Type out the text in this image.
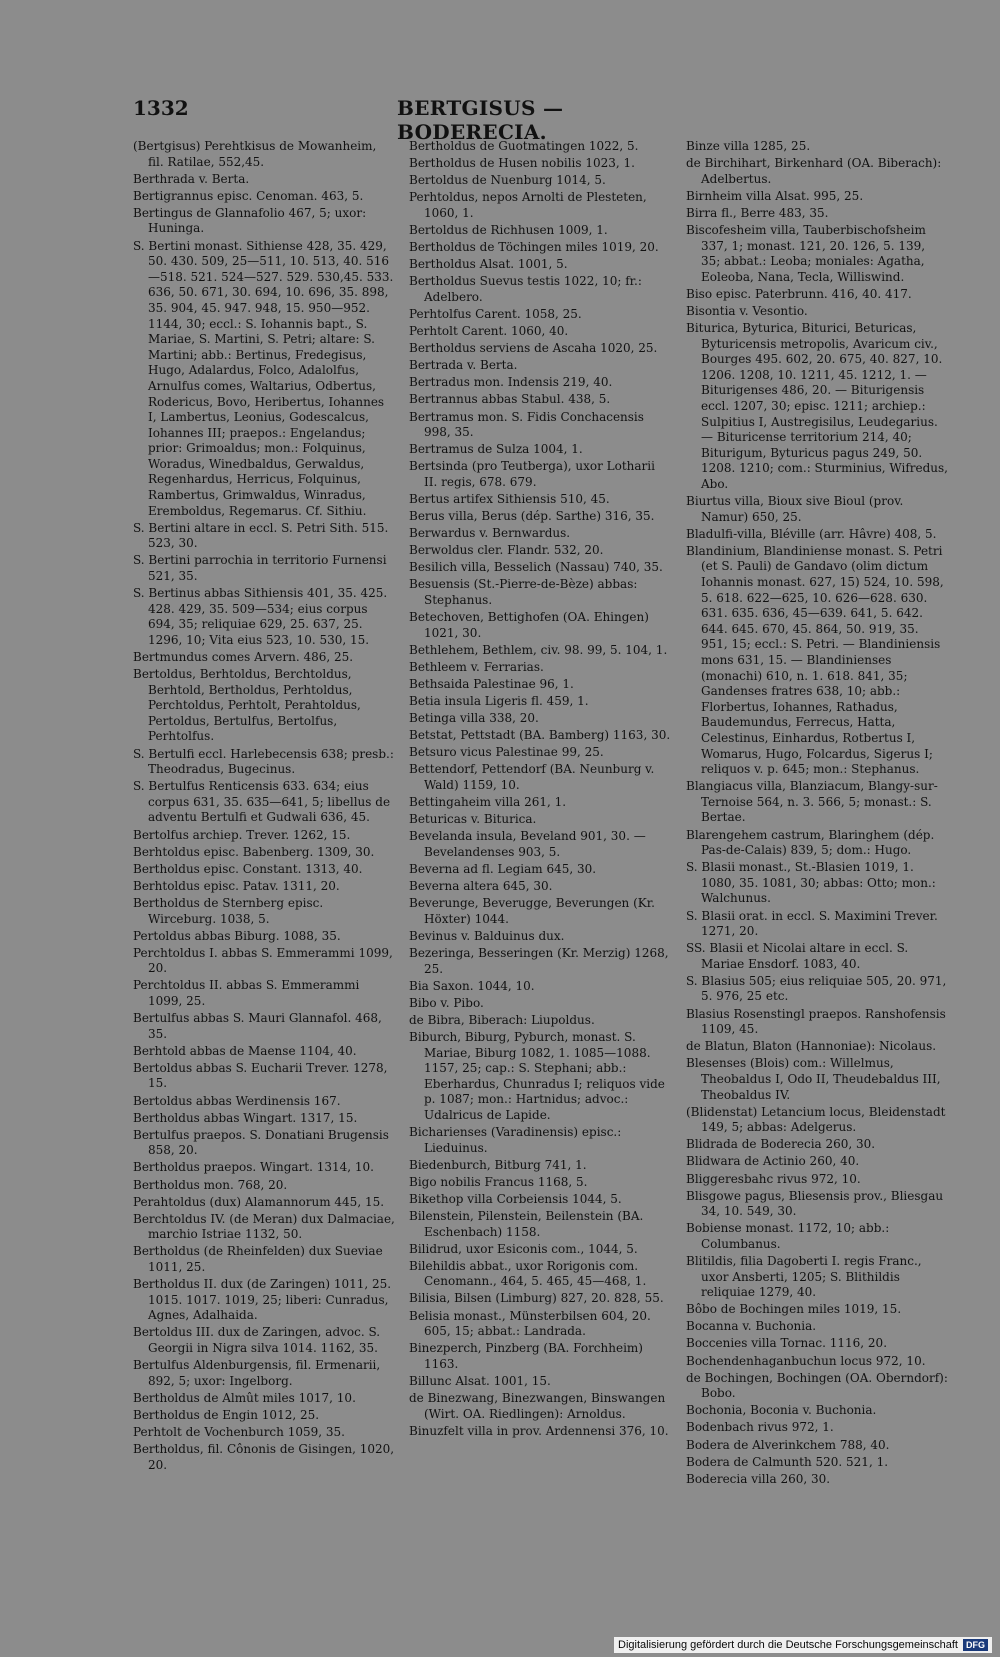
1332	BERTGISUS — BODERECIA.

(Bertgisus) Perehtkisus de Mowanheim, fil. Ratilae, 552,45.

Berthrada v. Berta.

Bertigrannus episc. Cenoman. 463, 5.

Bertingus de Glannafolio 467, 5; uxor: Huninga.

S. Bertini monast. Sithiense 428, 35. 429, 50. 430. 509, 25—511, 10. 513, 40. 516—518. 521. 524—527. 529. 530,45. 533. 636, 50. 671, 30. 694, 10. 696, 35. 898, 35. 904, 45. 947. 948, 15. 950—952. 1144, 30; eccl.: S. Iohannis bapt., S. Mariae, S. Martini, S. Petri; altare: S. Martini; abb.: Bertinus, Fredegisus, Hugo, Adalardus, Folco, Adalolfus, Arnulfus comes, Waltarius, Odbertus, Rodericus, Bovo, Heribertus, Iohannes I, Lambertus, Leonius, Godescalcus, Iohannes III; praepos.: Engelandus; prior: Grimoaldus; mon.: Folquinus, Woradus, Winedbaldus, Gerwaldus, Regenhardus, Herricus, Folquinus, Rambertus, Grimwaldus, Winradus, Eremboldus, Regemarus. Cf. Sithiu.

S. Bertini altare in eccl. S. Petri Sith. 515. 523, 30.

S. Bertini parrochia in territorio Furnensi 521, 35.

S. Bertinus abbas Sithiensis 401, 35. 425. 428. 429, 35. 509—534; eius corpus 694, 35; reliquiae 629, 25. 637, 25. 1296, 10; Vita eius 523, 10. 530, 15.

Bertmundus comes Arvern. 486, 25.

Bertoldus, Berhtoldus, Berchtoldus, Berhtold, Bertholdus, Perhtoldus, Perchtoldus, Perhtolt, Perahtoldus, Pertoldus, Bertulfus, Bertolfus, Perhtolfus.

S. Bertulfi eccl. Harlebecensis 638; presb.: Theodradus, Bugecinus.

S. Bertulfus Renticensis 633. 634; eius corpus 631, 35. 635—641, 5; libellus de adventu Bertulfi et Gudwali 636, 45.

Bertolfus archiep. Trever. 1262, 15.

Berhtoldus episc. Babenberg. 1309, 30.

Bertholdus episc. Constant. 1313, 40.

Berhtoldus episc. Patav. 1311, 20.

Bertholdus de Sternberg episc. Wirceburg. 1038, 5.

Pertoldus abbas Biburg. 1088, 35.

Perchtoldus I. abbas S. Emmerammi 1099, 20.

Perchtoldus II. abbas S. Emmerammi 1099, 25.

Bertulfus abbas S. Mauri Glannafol. 468, 35.

Berhtold abbas de Maense 1104, 40.

Bertoldus abbas S. Eucharii Trever. 1278, 15.

Bertoldus abbas Werdinensis 167.

Bertholdus abbas Wingart. 1317, 15.

Bertulfus praepos. S. Donatiani Brugensis 858, 20.

Bertholdus praepos. Wingart. 1314, 10.

Bertholdus mon. 768, 20.

Perahtoldus (dux) Alamannorum 445, 15.

Berchtoldus IV. (de Meran) dux Dalmaciae, marchio Istriae 1132, 50.

Bertholdus (de Rheinfelden) dux Sueviae 1011, 25.

Bertholdus II. dux (de Zaringen) 1011, 25. 1015. 1017. 1019, 25; liberi: Cunradus, Agnes, Adalhaida.

Bertoldus III. dux de Zaringen, advoc. S. Georgii in Nigra silva 1014. 1162, 35.

Bertulfus Aldenburgensis, fil. Ermenarii, 892, 5; uxor: Ingelborg.

Bertholdus de Almût miles 1017, 10.

Bertholdus de Engin 1012, 25.

Perhtolt de Vochenburch 1059, 35.

Bertholdus, fil. Cônonis de Gisingen, 1020, 20.

Bertholdus de Guotmatingen 1022, 5.

Bertholdus de Husen nobilis 1023, 1.

Bertoldus de Nuenburg 1014, 5.

Perhtoldus, nepos Arnolti de Plesteten, 1060, 1.

Bertoldus de Richhusen 1009, 1.

Bertholdus de Töchingen miles 1019, 20.

Bertholdus Alsat. 1001, 5.

Bertholdus Suevus testis 1022, 10; fr.: Adelbero.

Perhtolfus Carent. 1058, 25.

Perhtolt Carent. 1060, 40.

Bertholdus serviens de Ascaha 1020, 25.

Bertrada v. Berta.

Bertradus mon. Indensis 219, 40.

Bertrannus abbas Stabul. 438, 5.

Bertramus mon. S. Fidis Conchacensis 998, 35.

Bertramus de Sulza 1004, 1.

Bertsinda (pro Teutberga), uxor Lotharii II. regis, 678. 679.

Bertus artifex Sithiensis 510, 45.

Berus villa, Berus (dép. Sarthe) 316, 35.

Berwardus v. Bernwardus.

Berwoldus cler. Flandr. 532, 20.

Besilich villa, Besselich (Nassau) 740, 35.

Besuensis (St.-Pierre-de-Bèze) abbas: Stephanus.

Betechoven, Bettighofen (OA. Ehingen) 1021, 30.

Bethlehem, Bethlem, civ. 98. 99, 5. 104, 1.

Bethleem v. Ferrarias.

Bethsaida Palestinae 96, 1.

Betia insula Ligeris fl. 459, 1.

Betinga villa 338, 20.

Betstat, Pettstadt (BA. Bamberg) 1163, 30.

Betsuro vicus Palestinae 99, 25.

Bettendorf, Pettendorf (BA. Neunburg v. Wald) 1159, 10.

Bettingaheim villa 261, 1.

Beturicas v. Biturica.

Bevelanda insula, Beveland 901, 30. — Bevelandenses 903, 5.

Beverna ad fl. Legiam 645, 30.

Beverna altera 645, 30.

Beverunge, Beverugge, Beverungen (Kr. Höxter) 1044.

Bevinus v. Balduinus dux.

Bezeringa, Besseringen (Kr. Merzig) 1268, 25.

Bia Saxon. 1044, 10.

Bibo v. Pibo.

de Bibra, Biberach: Liupoldus.

Biburch, Biburg, Pyburch, monast. S. Mariae, Biburg 1082, 1. 1085—1088. 1157, 25; cap.: S. Stephani; abb.: Eberhardus, Chunradus I; reliquos vide p. 1087; mon.: Hartnidus; advoc.: Udalricus de Lapide.

Bicharienses (Varadinensis) episc.: Lieduinus.

Biedenburch, Bitburg 741, 1.

Bigo nobilis Francus 1168, 5.

Bikethop villa Corbeiensis 1044, 5.

Bilenstein, Pilenstein, Beilenstein (BA. Eschenbach) 1158.

Bilidrud, uxor Esiconis com., 1044, 5.

Bilehildis abbat., uxor Rorigonis com. Cenomann., 464, 5. 465, 45—468, 1.

Bilisia, Bilsen (Limburg) 827, 20. 828, 55.

Belisia monast., Münsterbilsen 604, 20. 605, 15; abbat.: Landrada.

Binezperch, Pinzberg (BA. Forchheim) 1163.

Billunc Alsat. 1001, 15.

de Binezwang, Binezwangen, Binswangen (Wirt. OA. Riedlingen): Arnoldus.

Binuzfelt villa in prov. Ardennensi 376, 10.

Binze villa 1285, 25.

de Birchihart, Birkenhard (OA. Biberach): Adelbertus.

Birnheim villa Alsat. 995, 25.

Birra fl., Berre 483, 35.

Biscofesheim villa, Tauberbischofsheim 337, 1; monast. 121, 20. 126, 5. 139, 35; abbat.: Leoba; moniales: Agatha, Eoleoba, Nana, Tecla, Williswind.

Biso episc. Paterbrunn. 416, 40. 417.

Bisontia v. Vesontio.

Biturica, Byturica, Biturici, Beturicas, Byturicensis metropolis, Avaricum civ., Bourges 495. 602, 20. 675, 40. 827, 10. 1206. 1208, 10. 1211, 45. 1212, 1. — Biturigenses 486, 20. — Biturigensis eccl. 1207, 30; episc. 1211; archiep.: Sulpitius I, Austregisilus, Leudegarius. — Bituricense territorium 214, 40; Biturigum, Byturicus pagus 249, 50. 1208. 1210; com.: Sturminius, Wifredus, Abo.

Biurtus villa, Bioux sive Bioul (prov. Namur) 650, 25.

Bladulfi-villa, Bléville (arr. Hâvre) 408, 5.

Blandinium, Blandiniense monast. S. Petri (et S. Pauli) de Gandavo (olim dictum Iohannis monast. 627, 15) 524, 10. 598, 5. 618. 622—625, 10. 626—628. 630. 631. 635. 636, 45—639. 641, 5. 642. 644. 645. 670, 45. 864, 50. 919, 35. 951, 15; eccl.: S. Petri. — Blandiniensis mons 631, 15. — Blandinienses (monachi) 610, n. 1. 618. 841, 35; Gandenses fratres 638, 10; abb.: Florbertus, Iohannes, Rathadus, Baudemundus, Ferrecus, Hatta, Celestinus, Einhardus, Rotbertus I, Womarus, Hugo, Folcardus, Sigerus I; reliquos v. p. 645; mon.: Stephanus.

Blangiacus villa, Blanziacum, Blangy-sur-Ternoise 564, n. 3. 566, 5; monast.: S. Bertae.

Blarengehem castrum, Blaringhem (dép. Pas-de-Calais) 839, 5; dom.: Hugo.

S. Blasii monast., St.-Blasien 1019, 1. 1080, 35. 1081, 30; abbas: Otto; mon.: Walchunus.

S. Blasii orat. in eccl. S. Maximini Trever. 1271, 20.

SS. Blasii et Nicolai altare in eccl. S. Mariae Ensdorf. 1083, 40.

S. Blasius 505; eius reliquiae 505, 20. 971, 5. 976, 25 etc.

Blasius Rosenstingl praepos. Ranshofensis 1109, 45.

de Blatun, Blaton (Hannoniae): Nicolaus.

Blesenses (Blois) com.: Willelmus, Theobaldus I, Odo II, Theudebaldus III, Theobaldus IV.

(Blidenstat) Letancium locus, Bleidenstadt 149, 5; abbas: Adelgerus.

Blidrada de Boderecia 260, 30.

Blidwara de Actinio 260, 40.

Bliggeresbahc rivus 972, 10.

Blisgowe pagus, Bliesensis prov., Bliesgau 34, 10. 549, 30.

Bobiense monast. 1172, 10; abb.: Columbanus.

Blitildis, filia Dagoberti I. regis Franc., uxor Ansberti, 1205; S. Blithildis reliquiae 1279, 40.

Bôbo de Bochingen miles 1019, 15.

Bocanna v. Buchonia.

Boccenies villa Tornac. 1116, 20.

Bochendenhaganbuchun locus 972, 10.

de Bochingen, Bochingen (OA. Oberndorf): Bobo.

Bochonia, Boconia v. Buchonia.

Bodenbach rivus 972, 1.

Bodera de Alverinkchem 788, 40.

Bodera de Calmunth 520. 521, 1.

Boderecia villa 260, 30.

Digitalisierung gefördert durch die Deutsche Forschungsgemeinschaft DFG
